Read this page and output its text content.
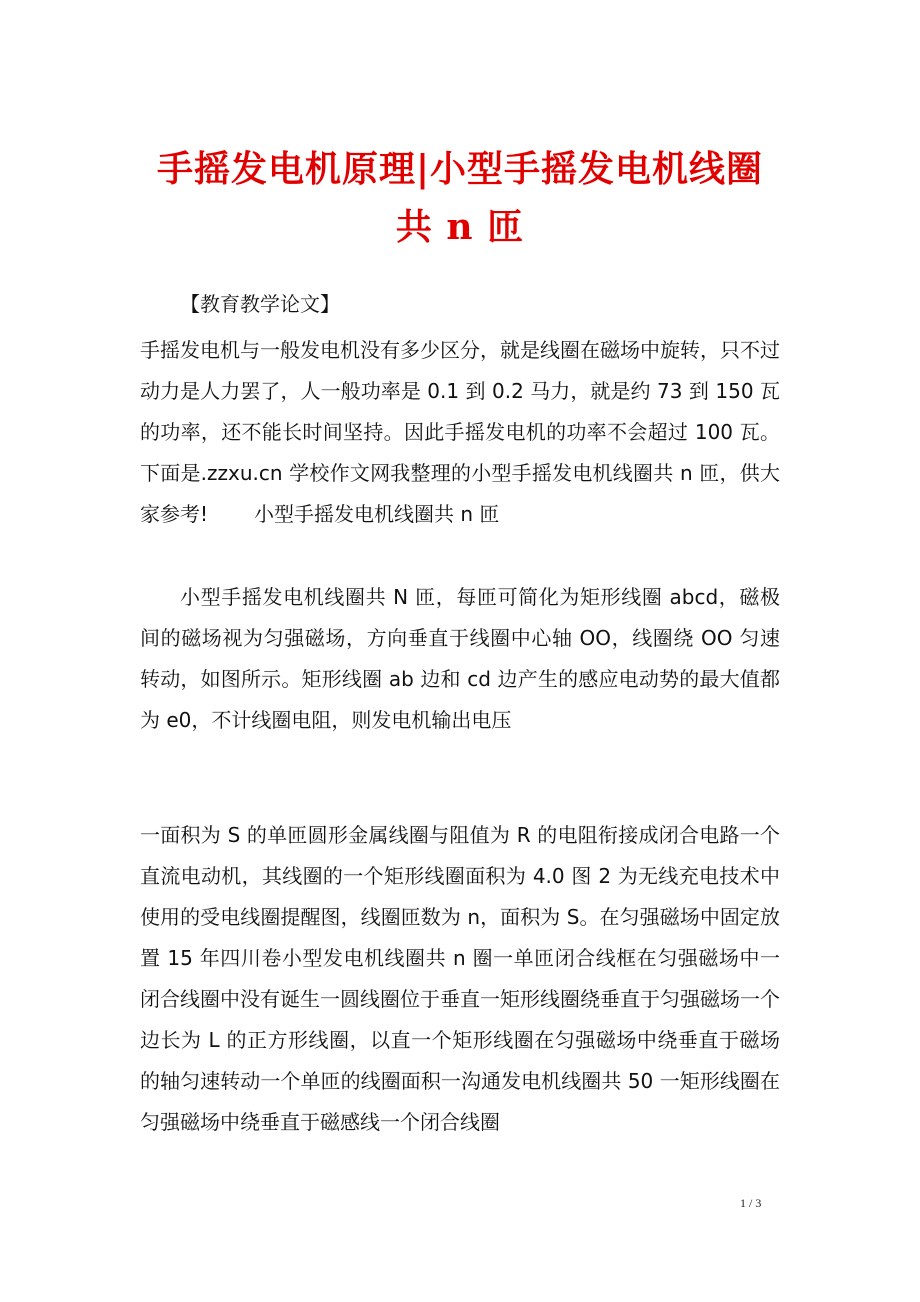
手摇发电机原理|小型手摇发电机线圈共 n 匝
【教育教学论文】
手摇发电机与一般发电机没有多少区分，就是线圈在磁场中旋转，只不过动力是人力罢了，人一般功率是 0.1 到 0.2 马力，就是约 73 到 150 瓦的功率，还不能长时间坚持。因此手摇发电机的功率不会超过 100 瓦。下面是.zzxu.cn 学校作文网我整理的小型手摇发电机线圈共 n 匝，供大家参考! 小型手摇发电机线圈共 n 匝
小型手摇发电机线圈共 N 匝，每匝可简化为矩形线圈 abcd，磁极间的磁场视为匀强磁场，方向垂直于线圈中心轴 OO，线圈绕 OO 匀速转动，如图所示。矩形线圈 ab 边和 cd 边产生的感应电动势的最大值都为 e0，不计线圈电阻，则发电机输出电压
一面积为 S 的单匝圆形金属线圈与阻值为 R 的电阻衔接成闭合电路一个直流电动机，其线圈的一个矩形线圈面积为 4.0 图 2 为无线充电技术中使用的受电线圈提醒图，线圈匝数为 n，面积为 S。在匀强磁场中固定放置 15 年四川卷小型发电机线圈共 n 圈一单匝闭合线框在匀强磁场中一闭合线圈中没有诞生一圆线圈位于垂直一矩形线圈绕垂直于匀强磁场一个边长为 L 的正方形线圈，以直一个矩形线圈在匀强磁场中绕垂直于磁场的轴匀速转动一个单匝的线圈面积一沟通发电机线圈共 50 一矩形线圈在匀强磁场中绕垂直于磁感线一个闭合线圈
1 / 3
